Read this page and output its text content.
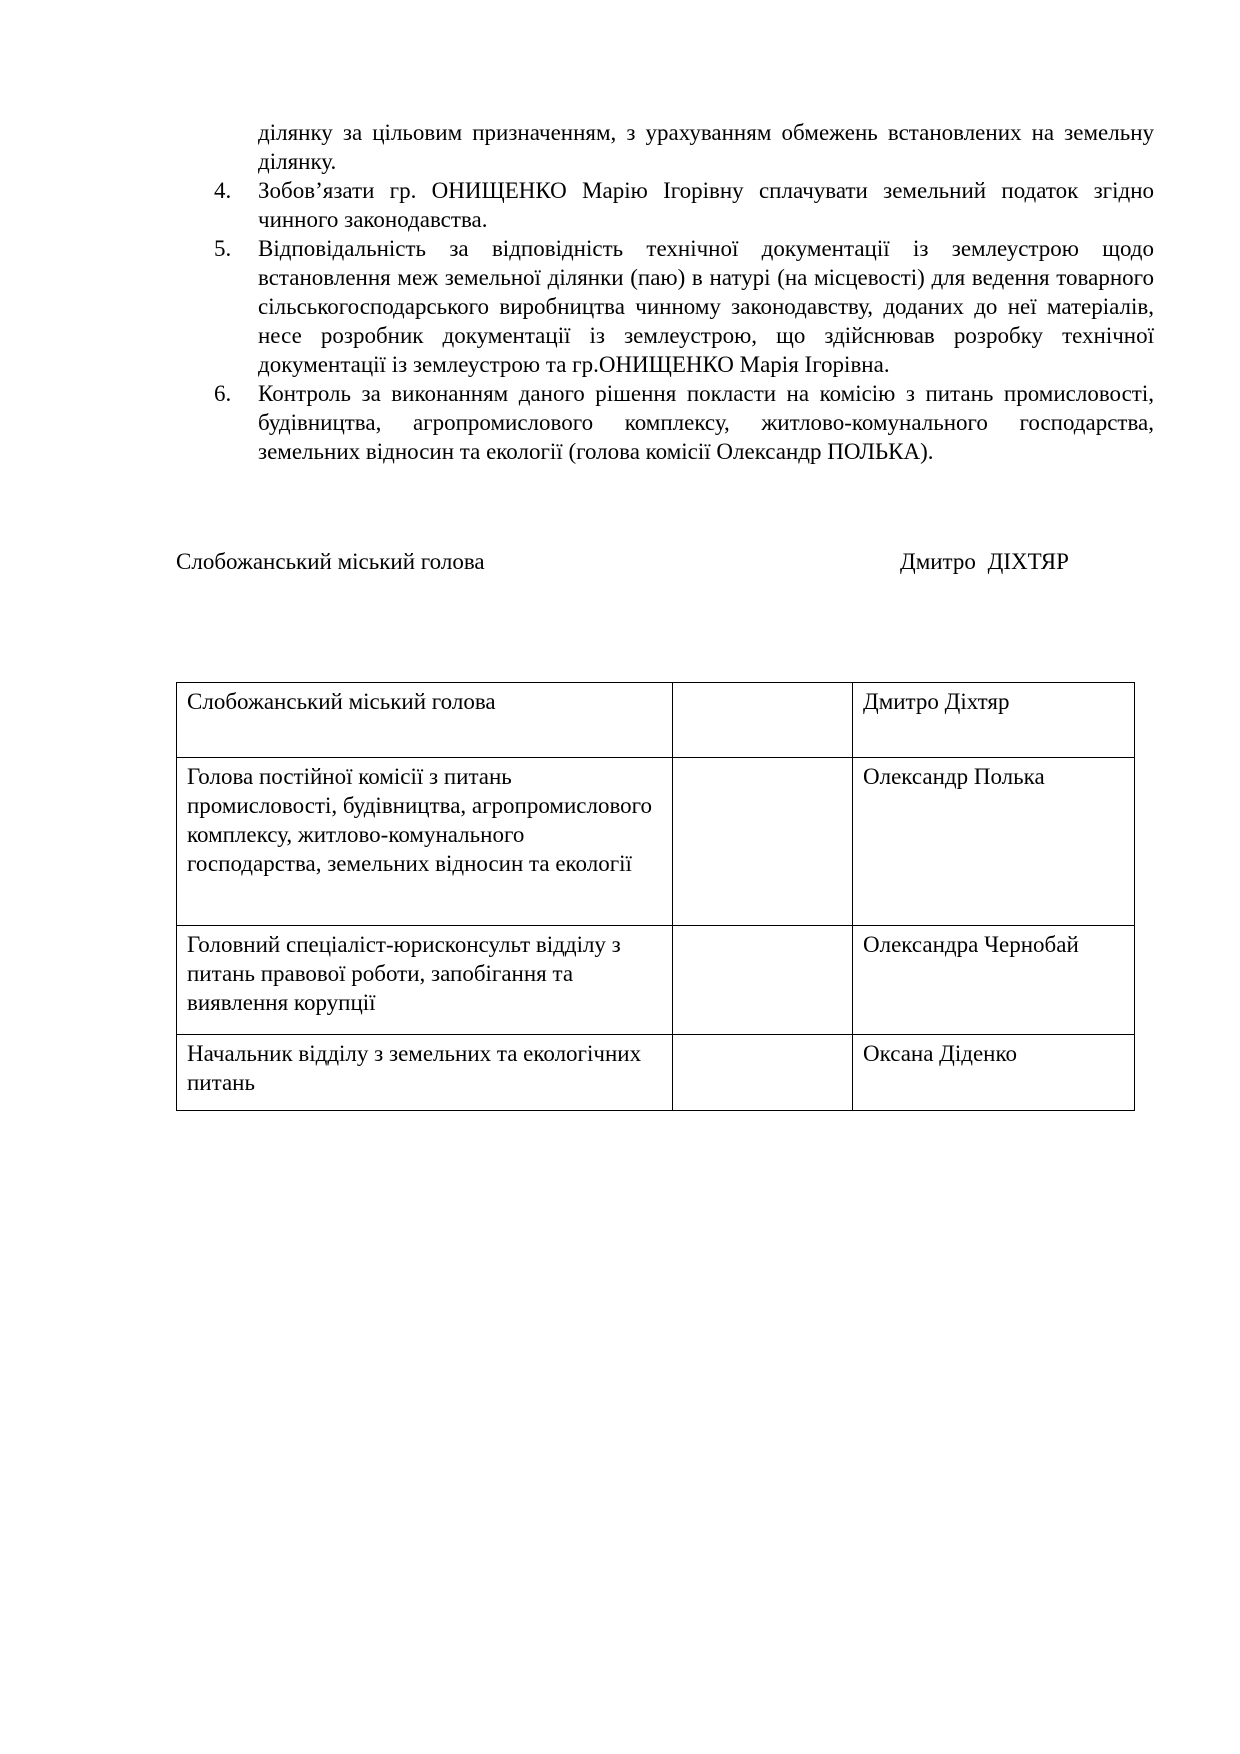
ділянку за цільовим призначенням, з урахуванням обмежень встановлених на земельну ділянку.

4. Зобов’язати гр. ОНИЩЕНКО Марію Ігорівну сплачувати земельний податок згідно чинного законодавства.

5. Відповідальність за відповідність технічної документації із землеустрою щодо встановлення меж земельної ділянки (паю) в натурі (на місцевості) для ведення товарного сільськогосподарського виробництва чинному законодавству, доданих до неї матеріалів, несе розробник документації із землеустрою, що здійснював розробку технічної документації із землеустрою та гр.ОНИЩЕНКО Марія Ігорівна.

6. Контроль за виконанням даного рішення покласти на комісію з питань промисловості, будівництва, агропромислового комплексу, житлово-комунального господарства, земельних відносин та екології (голова комісії Олександр ПОЛЬКА).

Слобожанський міський голова	Дмитро ДІХТЯР
Слобожанський міський голова		Дмитро Діхтяр
Голова постійної комісії з питань промисловості, будівництва, агропромислового комплексу, житлово-комунального господарства, земельних відносин та екології		Олександр Полька
Головний спеціаліст-юрисконсульт відділу з питань правової роботи, запобігання та виявлення корупції		Олександра Чернобай
Начальник відділу з земельних та екологічних питань		Оксана Діденко
